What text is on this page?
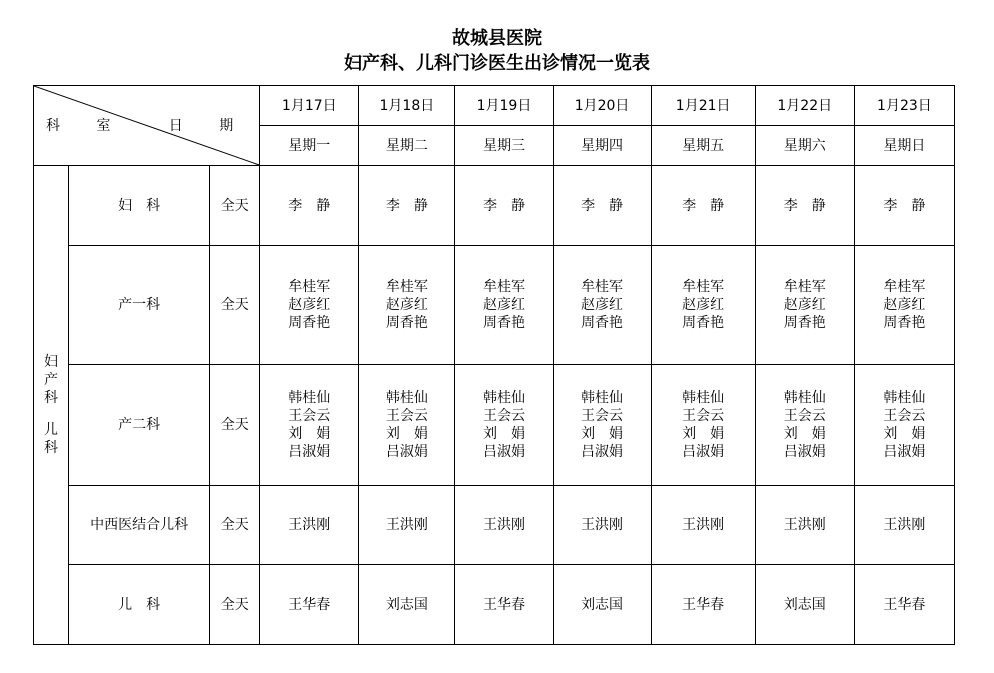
故城县医院
妇产科、儿科门诊医生出诊情况一览表
科 室 日 期			1月17日	1月18日	1月19日	1月20日	1月21日	1月22日	1月23日
			星期一	星期二	星期三	星期四	星期五	星期六	星期日

妇
产
科
儿
科	妇　科	全天	李　静	李　静	李　静	李　静	李　静	李　静	李　静

	产一科	全天	牟桂军
赵彦红
周香艳	牟桂军
赵彦红
周香艳	牟桂军
赵彦红
周香艳	牟桂军
赵彦红
周香艳	牟桂军
赵彦红
周香艳	牟桂军
赵彦红
周香艳	牟桂军
赵彦红
周香艳

	产二科	全天	韩桂仙
王会云
刘　娟
吕淑娟	韩桂仙
王会云
刘　娟
吕淑娟	韩桂仙
王会云
刘　娟
吕淑娟	韩桂仙
王会云
刘　娟
吕淑娟	韩桂仙
王会云
刘　娟
吕淑娟	韩桂仙
王会云
刘　娟
吕淑娟	韩桂仙
王会云
刘　娟
吕淑娟

	中西医结合儿科	全天	王洪刚	王洪刚	王洪刚	王洪刚	王洪刚	王洪刚	王洪刚

	儿　科	全天	王华春	刘志国	王华春	刘志国	王华春	刘志国	王华春
